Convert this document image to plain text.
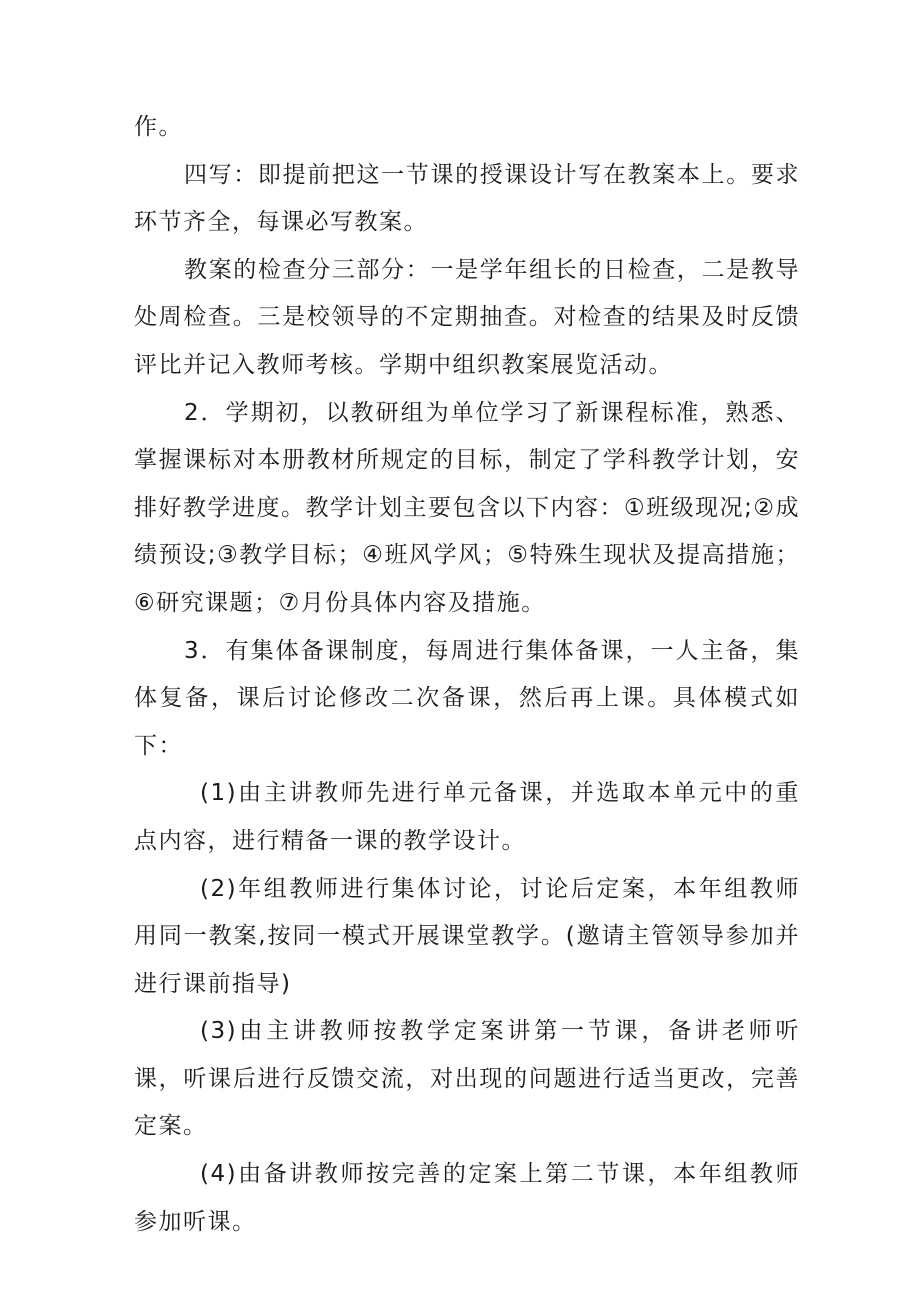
作。

四写：即提前把这一节课的授课设计写在教案本上。要求环节齐全，每课必写教案。

教案的检查分三部分：一是学年组长的日检查，二是教导处周检查。三是校领导的不定期抽查。对检查的结果及时反馈评比并记入教师考核。学期中组织教案展览活动。

2．学期初，以教研组为单位学习了新课程标准，熟悉、掌握课标对本册教材所规定的目标，制定了学科教学计划，安排好教学进度。教学计划主要包含以下内容：①班级现况;②成绩预设;③教学目标；④班风学风；⑤特殊生现状及提高措施；⑥研究课题；⑦月份具体内容及措施。

3．有集体备课制度，每周进行集体备课，一人主备，集体复备，课后讨论修改二次备课，然后再上课。具体模式如下：

(1)由主讲教师先进行单元备课，并选取本单元中的重点内容，进行精备一课的教学设计。

(2)年组教师进行集体讨论，讨论后定案，本年组教师用同一教案,按同一模式开展课堂教学。(邀请主管领导参加并进行课前指导)

(3)由主讲教师按教学定案讲第一节课，备讲老师听课，听课后进行反馈交流，对出现的问题进行适当更改，完善定案。

(4)由备讲教师按完善的定案上第二节课，本年组教师参加听课。
